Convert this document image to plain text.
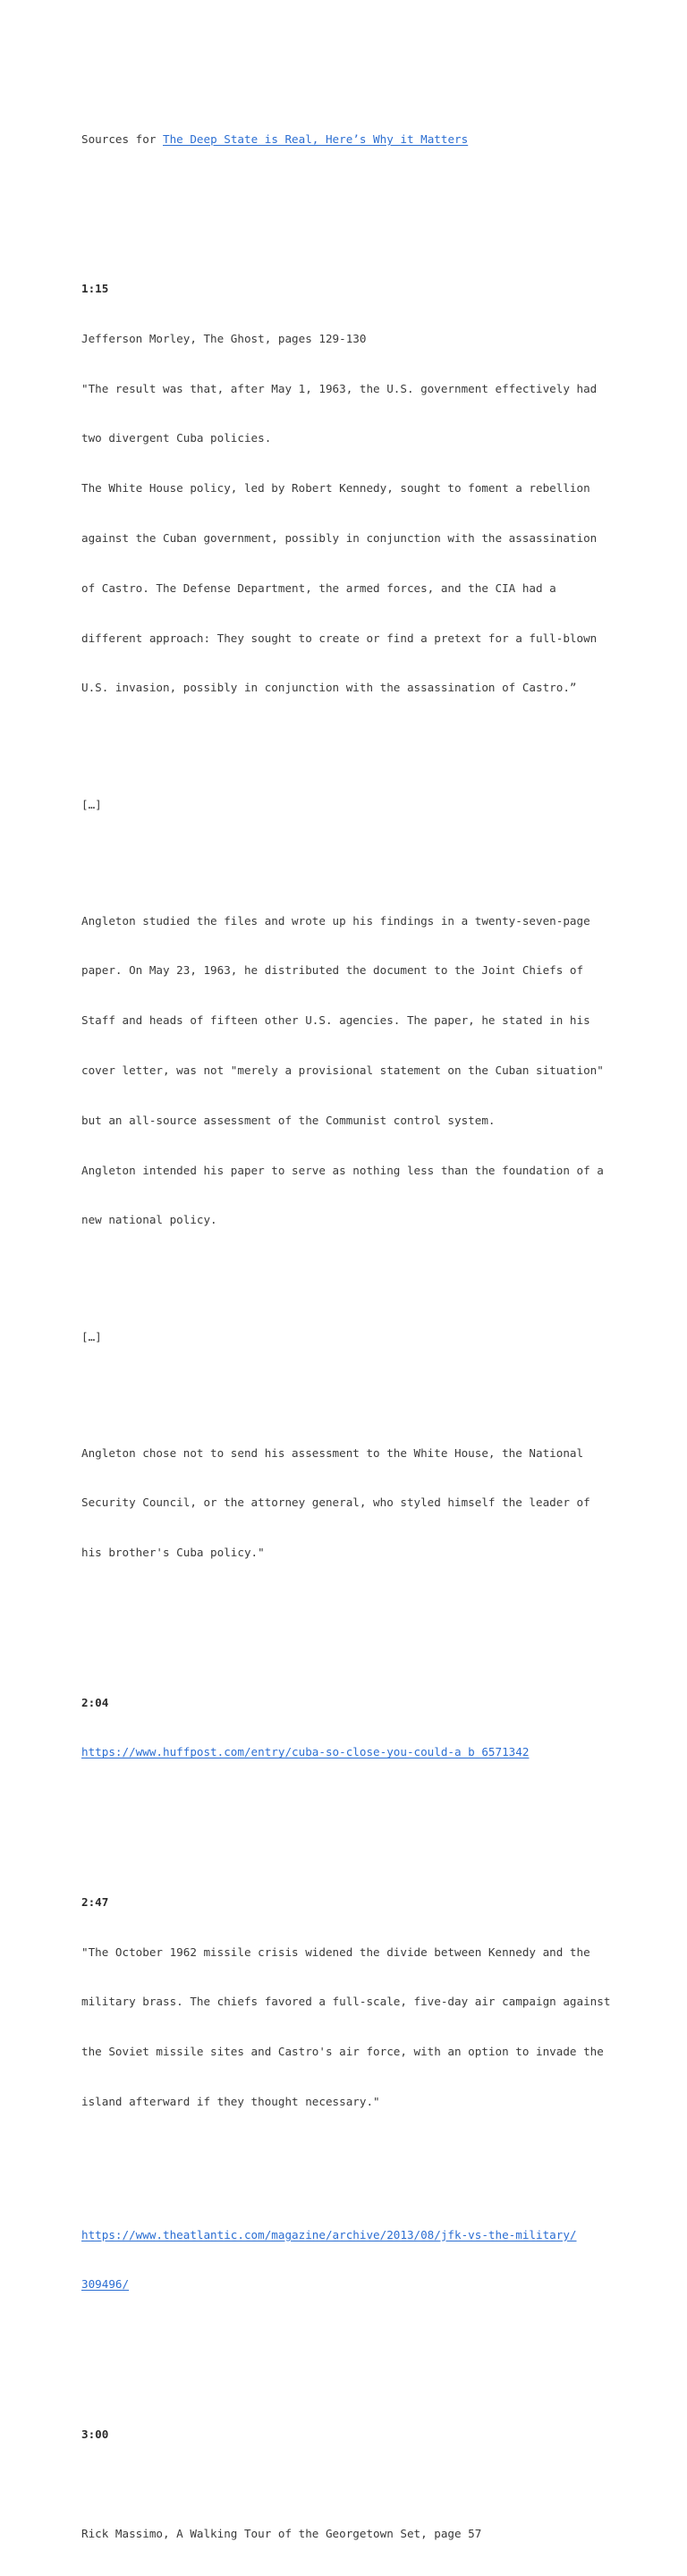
Sources for The Deep State is Real, Here’s Why it Matters

1:15

Jefferson Morley, The Ghost, pages 129-130

"The result was that, after May 1, 1963, the U.S. government effectively had

two divergent Cuba policies.

The White House policy, led by Robert Kennedy, sought to foment a rebellion

against the Cuban government, possibly in conjunction with the assassination

of Castro. The Defense Department, the armed forces, and the CIA had a

different approach: They sought to create or find a pretext for a full-blown

U.S. invasion, possibly in conjunction with the assassination of Castro.”

[…]

Angleton studied the files and wrote up his findings in a twenty-seven-page

paper. On May 23, 1963, he distributed the document to the Joint Chiefs of

Staff and heads of fifteen other U.S. agencies. The paper, he stated in his

cover letter, was not "merely a provisional statement on the Cuban situation"

but an all-source assessment of the Communist control system.

Angleton intended his paper to serve as nothing less than the foundation of a

new national policy.

[…]

Angleton chose not to send his assessment to the White House, the National

Security Council, or the attorney general, who styled himself the leader of

his brother's Cuba policy."

2:04

https://www.huffpost.com/entry/cuba-so-close-you-could-a_b_6571342

2:47

"The October 1962 missile crisis widened the divide between Kennedy and the

military brass. The chiefs favored a full-scale, five-day air campaign against

the Soviet missile sites and Castro's air force, with an option to invade the

island afterward if they thought necessary."

https://www.theatlantic.com/magazine/archive/2013/08/jfk-vs-the-military/

309496/

3:00

Rick Massimo, A Walking Tour of the Georgetown Set, page 57
